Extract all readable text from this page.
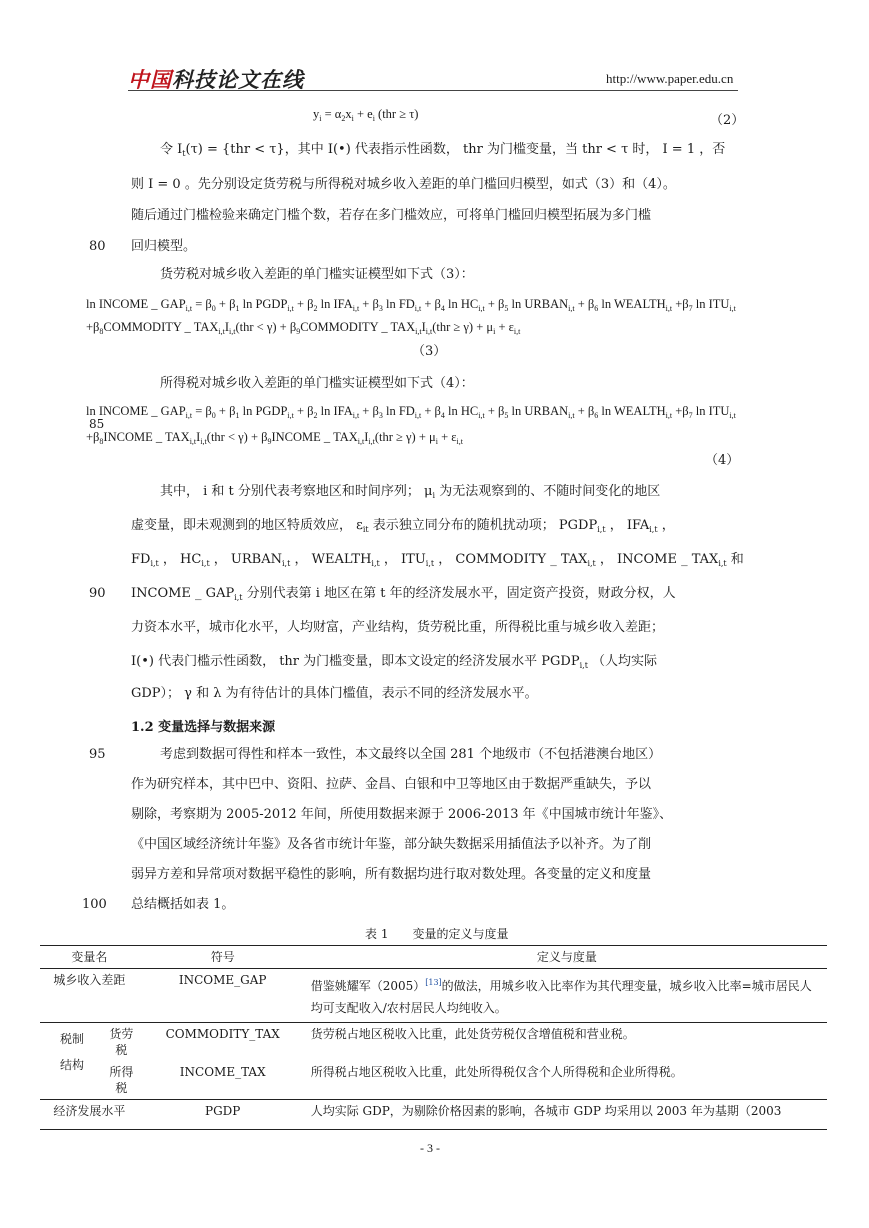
中国科技论文在线	http://www.paper.edu.cn
$y_i = \alpha_2x_i + e_i$ (thr ≥ τ)	（2）
令 $I_t(\tau) = \{thr < \tau\}$，其中 I(•) 代表指示性函数， thr 为门槛变量，当 thr < τ 时， I = 1 ，否
则 I = 0 。先分别设定货劳税与所得税对城乡收入差距的单门槛回归模型，如式（3）和（4）。
随后通过门槛检验来确定门槛个数，若存在多门槛效应，可将单门槛回归模型拓展为多门槛
80 回归模型。
货劳税对城乡收入差距的单门槛实证模型如下式（3）：
ln INCOME _ $GAP_{i,t} = \beta_0 + \beta_1$ $\ln PGDP_{i,t} + \beta_2$ $\ln IFA_{i,t} + \beta_3$ $\ln FD_{i,t} + \beta_4$ $\ln HC_{i,t} + \beta_5$ $\ln URBAN_{i,t} + \beta_6$ $\ln WEALTH_{i,t} +\beta_7$ $\ln ITU_{i,t}$
$+\beta_8COMMODITY$ _ $TAX_{i,t}I_{i,t}(thr < \gamma)$ + $\beta_9COMMODITY$ _ $TAX_{i,t}I_{i,t}(thr \ge \gamma) + \mu_i + \varepsilon_{i,t}$
（3）
所得税对城乡收入差距的单门槛实证模型如下式（4）：
ln INCOME _ $GAP_{i,t} = \beta_0 + \beta_1$ $\ln PGDP_{i,t} + \beta_2$ $\ln IFA_{i,t} + \beta_3$ $\ln FD_{i,t} + \beta_4$ $\ln HC_{i,t} + \beta_5$ $\ln URBAN_{i,t} + \beta_6$ $\ln WEALTH_{i,t} +\beta_7$ $\ln ITU_{i,t}$
85
$+\beta_8INCOME$ _ $TAX_{i,t}I_{i,t}(thr < \gamma)$ + $\beta_9INCOME$ _ $TAX_{i,t}I_{i,t}(thr \ge \gamma) + \mu_i + \varepsilon_{i,t}$
（4）
其中， i 和 t 分别代表考察地区和时间序列； $\mu_i$ 为无法观察到的、不随时间变化的地区
虚变量，即未观测到的地区特质效应， $\varepsilon_{it}$ 表示独立同分布的随机扰动项； $PGDP_{i,t}$ ， $IFA_{i,t}$ ，
$FD_{i,t}$ ， $HC_{i,t}$ ， $URBAN_{i,t}$ ， $WEALTH_{i,t}$ ， $ITU_{i,t}$ ， COMMODITY _ $TAX_{i,t}$ ， INCOME _ $TAX_{i,t}$ 和
90 INCOME _ $GAP_{i,t}$ 分别代表第 i 地区在第 t 年的经济发展水平，固定资产投资，财政分权，人
力资本水平，城市化水平，人均财富，产业结构，货劳税比重，所得税比重与城乡收入差距；
I(•) 代表门槛示性函数， thr 为门槛变量，即本文设定的经济发展水平 $PGDP_{i,t}$ （人均实际
GDP）； γ 和 λ 为有待估计的具体门槛值，表示不同的经济发展水平。
1.2 变量选择与数据来源
95	考虑到数据可得性和样本一致性，本文最终以全国 281 个地级市（不包括港澳台地区）
作为研究样本，其中巴中、资阳、拉萨、金昌、白银和中卫等地区由于数据严重缺失，予以
剔除，考察期为 2005-2012 年间，所使用数据来源于 2006-2013 年《中国城市统计年鉴》、
《中国区域经济统计年鉴》及各省市统计年鉴，部分缺失数据采用插值法予以补齐。为了削
弱异方差和异常项对数据平稳性的影响，所有数据均进行取对数处理。各变量的定义和度量
100 总结概括如表 1。
表 1　　变量的定义与度量
变量名		符号	定义与度量
城乡收入差距		INCOME_GAP	借鉴姚耀军（2005）[13]的做法，用城乡收入比率作为其代理变量，城乡收入比率=城市居民人均可支配收入/农村居民人均纯收入。
税制
结构	货劳税	COMMODITY_TAX	货劳税占地区税收入比重，此处货劳税仅含增值税和营业税。
	所得税	INCOME_TAX	所得税占地区税收入比重，此处所得税仅含个人所得税和企业所得税。
经济发展水平		PGDP	人均实际 GDP，为剔除价格因素的影响，各城市 GDP 均采用以 2003 年为基期（2003
- 3 -
